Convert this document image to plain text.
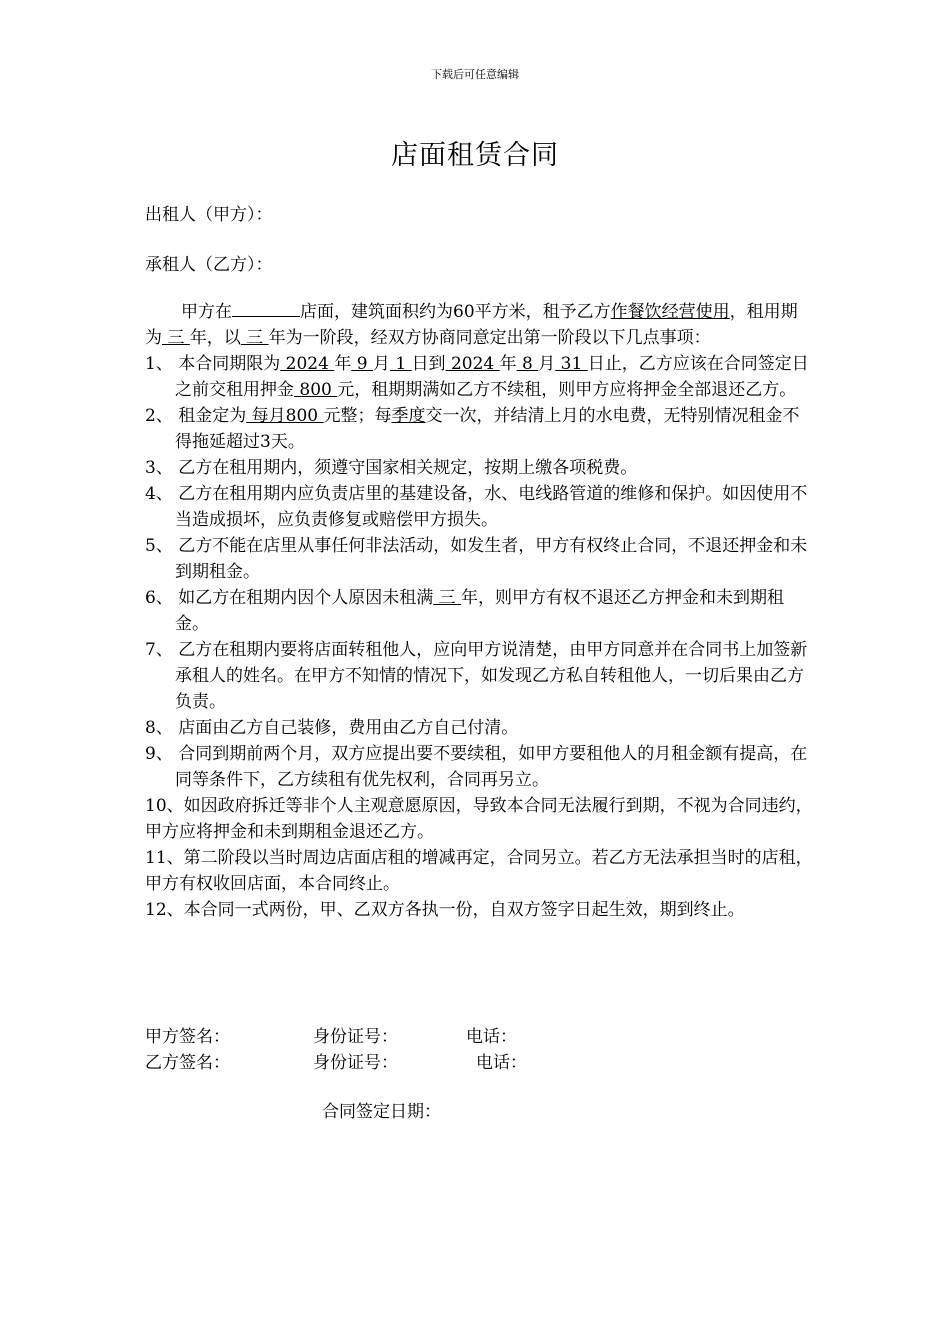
下载后可任意编辑
店面租赁合同
出租人（甲方）：
承租人（乙方）：
甲方在	店面，建筑面积约为60平方米，租予乙方作餐饮经营使用，租用期为 三 年，以 三 年为一阶段，经双方协商同意定出第一阶段以下几点事项：
1、 本合同期限为 2024 年 9 月 1 日到 2024 年 8 月 31 日止，乙方应该在合同签定日之前交租用押金 800 元，租期期满如乙方不续租，则甲方应将押金全部退还乙方。
2、 租金定为 每月800 元整；每季度交一次，并结清上月的水电费，无特别情况租金不得拖延超过3天。
3、 乙方在租用期内，须遵守国家相关规定，按期上缴各项税费。
4、 乙方在租用期内应负责店里的基建设备，水、电线路管道的维修和保护。如因使用不当造成损坏，应负责修复或赔偿甲方损失。
5、 乙方不能在店里从事任何非法活动，如发生者，甲方有权终止合同，不退还押金和未到期租金。
6、 如乙方在租期内因个人原因未租满 三 年，则甲方有权不退还乙方押金和未到期租金。
7、 乙方在租期内要将店面转租他人，应向甲方说清楚，由甲方同意并在合同书上加签新承租人的姓名。在甲方不知情的情况下，如发现乙方私自转租他人，一切后果由乙方负责。
8、 店面由乙方自己装修，费用由乙方自己付清。
9、 合同到期前两个月，双方应提出要不要续租，如甲方要租他人的月租金额有提高，在同等条件下，乙方续租有优先权利，合同再另立。
10、如因政府拆迁等非个人主观意愿原因，导致本合同无法履行到期，不视为合同违约，甲方应将押金和未到期租金退还乙方。
11、第二阶段以当时周边店面店租的增减再定，合同另立。若乙方无法承担当时的店租，甲方有权收回店面，本合同终止。
12、本合同一式两份，甲、乙双方各执一份，自双方签字日起生效，期到终止。
甲方签名：	身份证号：	电话：
乙方签名：	身份证号：	电话：
合同签定日期：
